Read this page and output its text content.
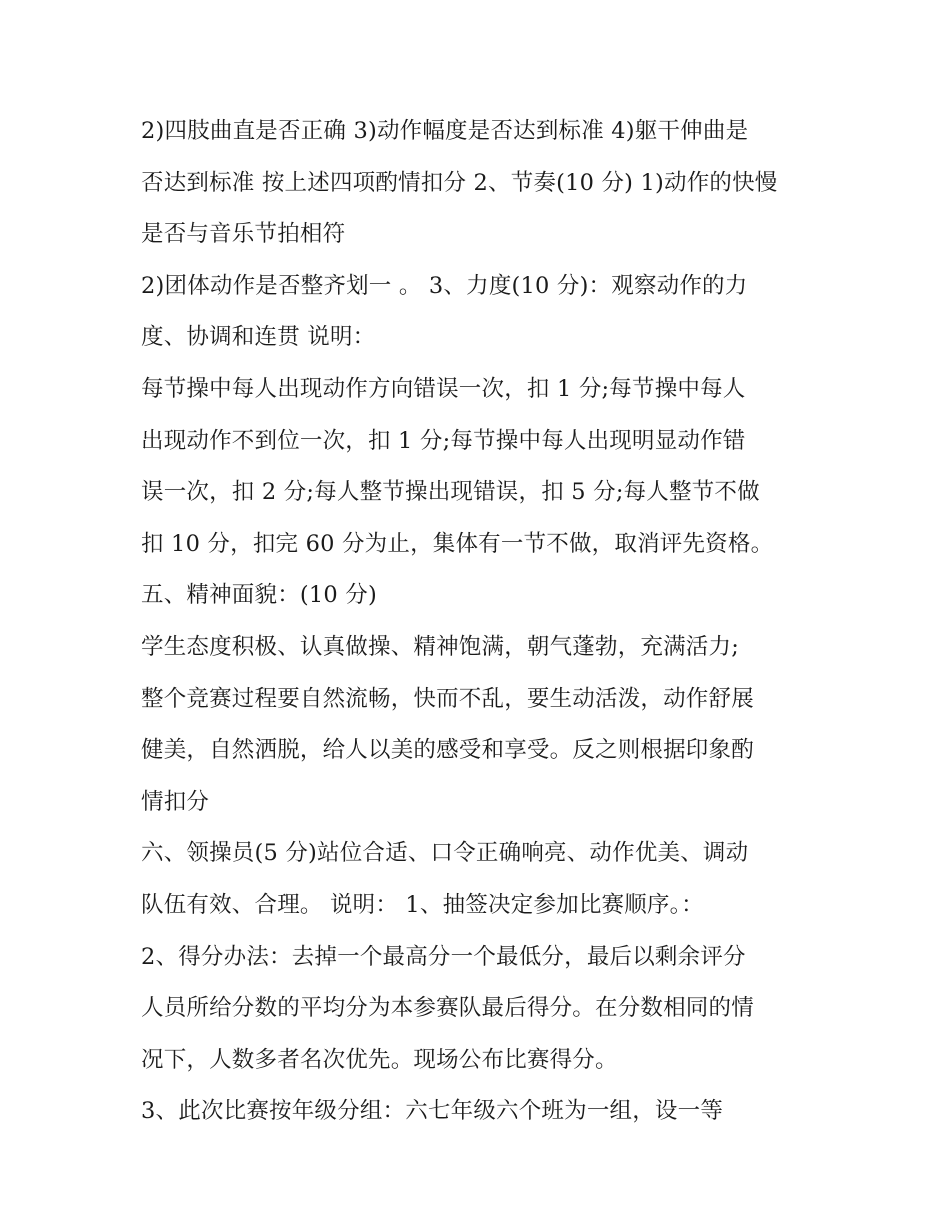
2)四肢曲直是否正确 3)动作幅度是否达到标准 4)躯干伸曲是
否达到标准 按上述四项酌情扣分 2、节奏(10 分) 1)动作的快慢
是否与音乐节拍相符
2)团体动作是否整齐划一 。 3、力度(10 分)：观察动作的力
度、协调和连贯 说明：
每节操中每人出现动作方向错误一次，扣 1 分;每节操中每人
出现动作不到位一次，扣 1 分;每节操中每人出现明显动作错
误一次，扣 2 分;每人整节操出现错误，扣 5 分;每人整节不做
扣 10 分，扣完 60 分为止，集体有一节不做，取消评先资格。
五、精神面貌：(10 分)
学生态度积极、认真做操、精神饱满，朝气蓬勃，充满活力;
整个竞赛过程要自然流畅，快而不乱，要生动活泼，动作舒展
健美，自然洒脱，给人以美的感受和享受。反之则根据印象酌
情扣分
六、领操员(5 分)站位合适、口令正确响亮、动作优美、调动
队伍有效、合理。 说明： 1、抽签决定参加比赛顺序。：
2、得分办法：去掉一个最高分一个最低分，最后以剩余评分
人员所给分数的平均分为本参赛队最后得分。在分数相同的情
况下，人数多者名次优先。现场公布比赛得分。
3、此次比赛按年级分组：六七年级六个班为一组，设一等
